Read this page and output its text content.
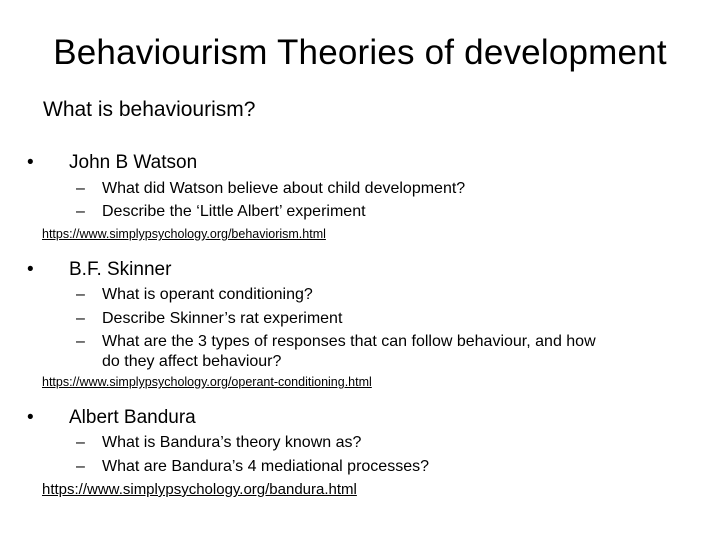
Behaviourism Theories of development
What is behaviourism?
• John B Watson
– What did Watson believe about child development?
– Describe the ‘Little Albert’ experiment
https://www.simplypsychology.org/behaviorism.html
• B.F. Skinner
– What is operant conditioning?
– Describe Skinner’s rat experiment
– What are the 3 types of responses that can follow behaviour, and how
do they affect behaviour?
https://www.simplypsychology.org/operant-conditioning.html
• Albert Bandura
– What is Bandura’s theory known as?
– What are Bandura’s 4 mediational processes?
https://www.simplypsychology.org/bandura.html
